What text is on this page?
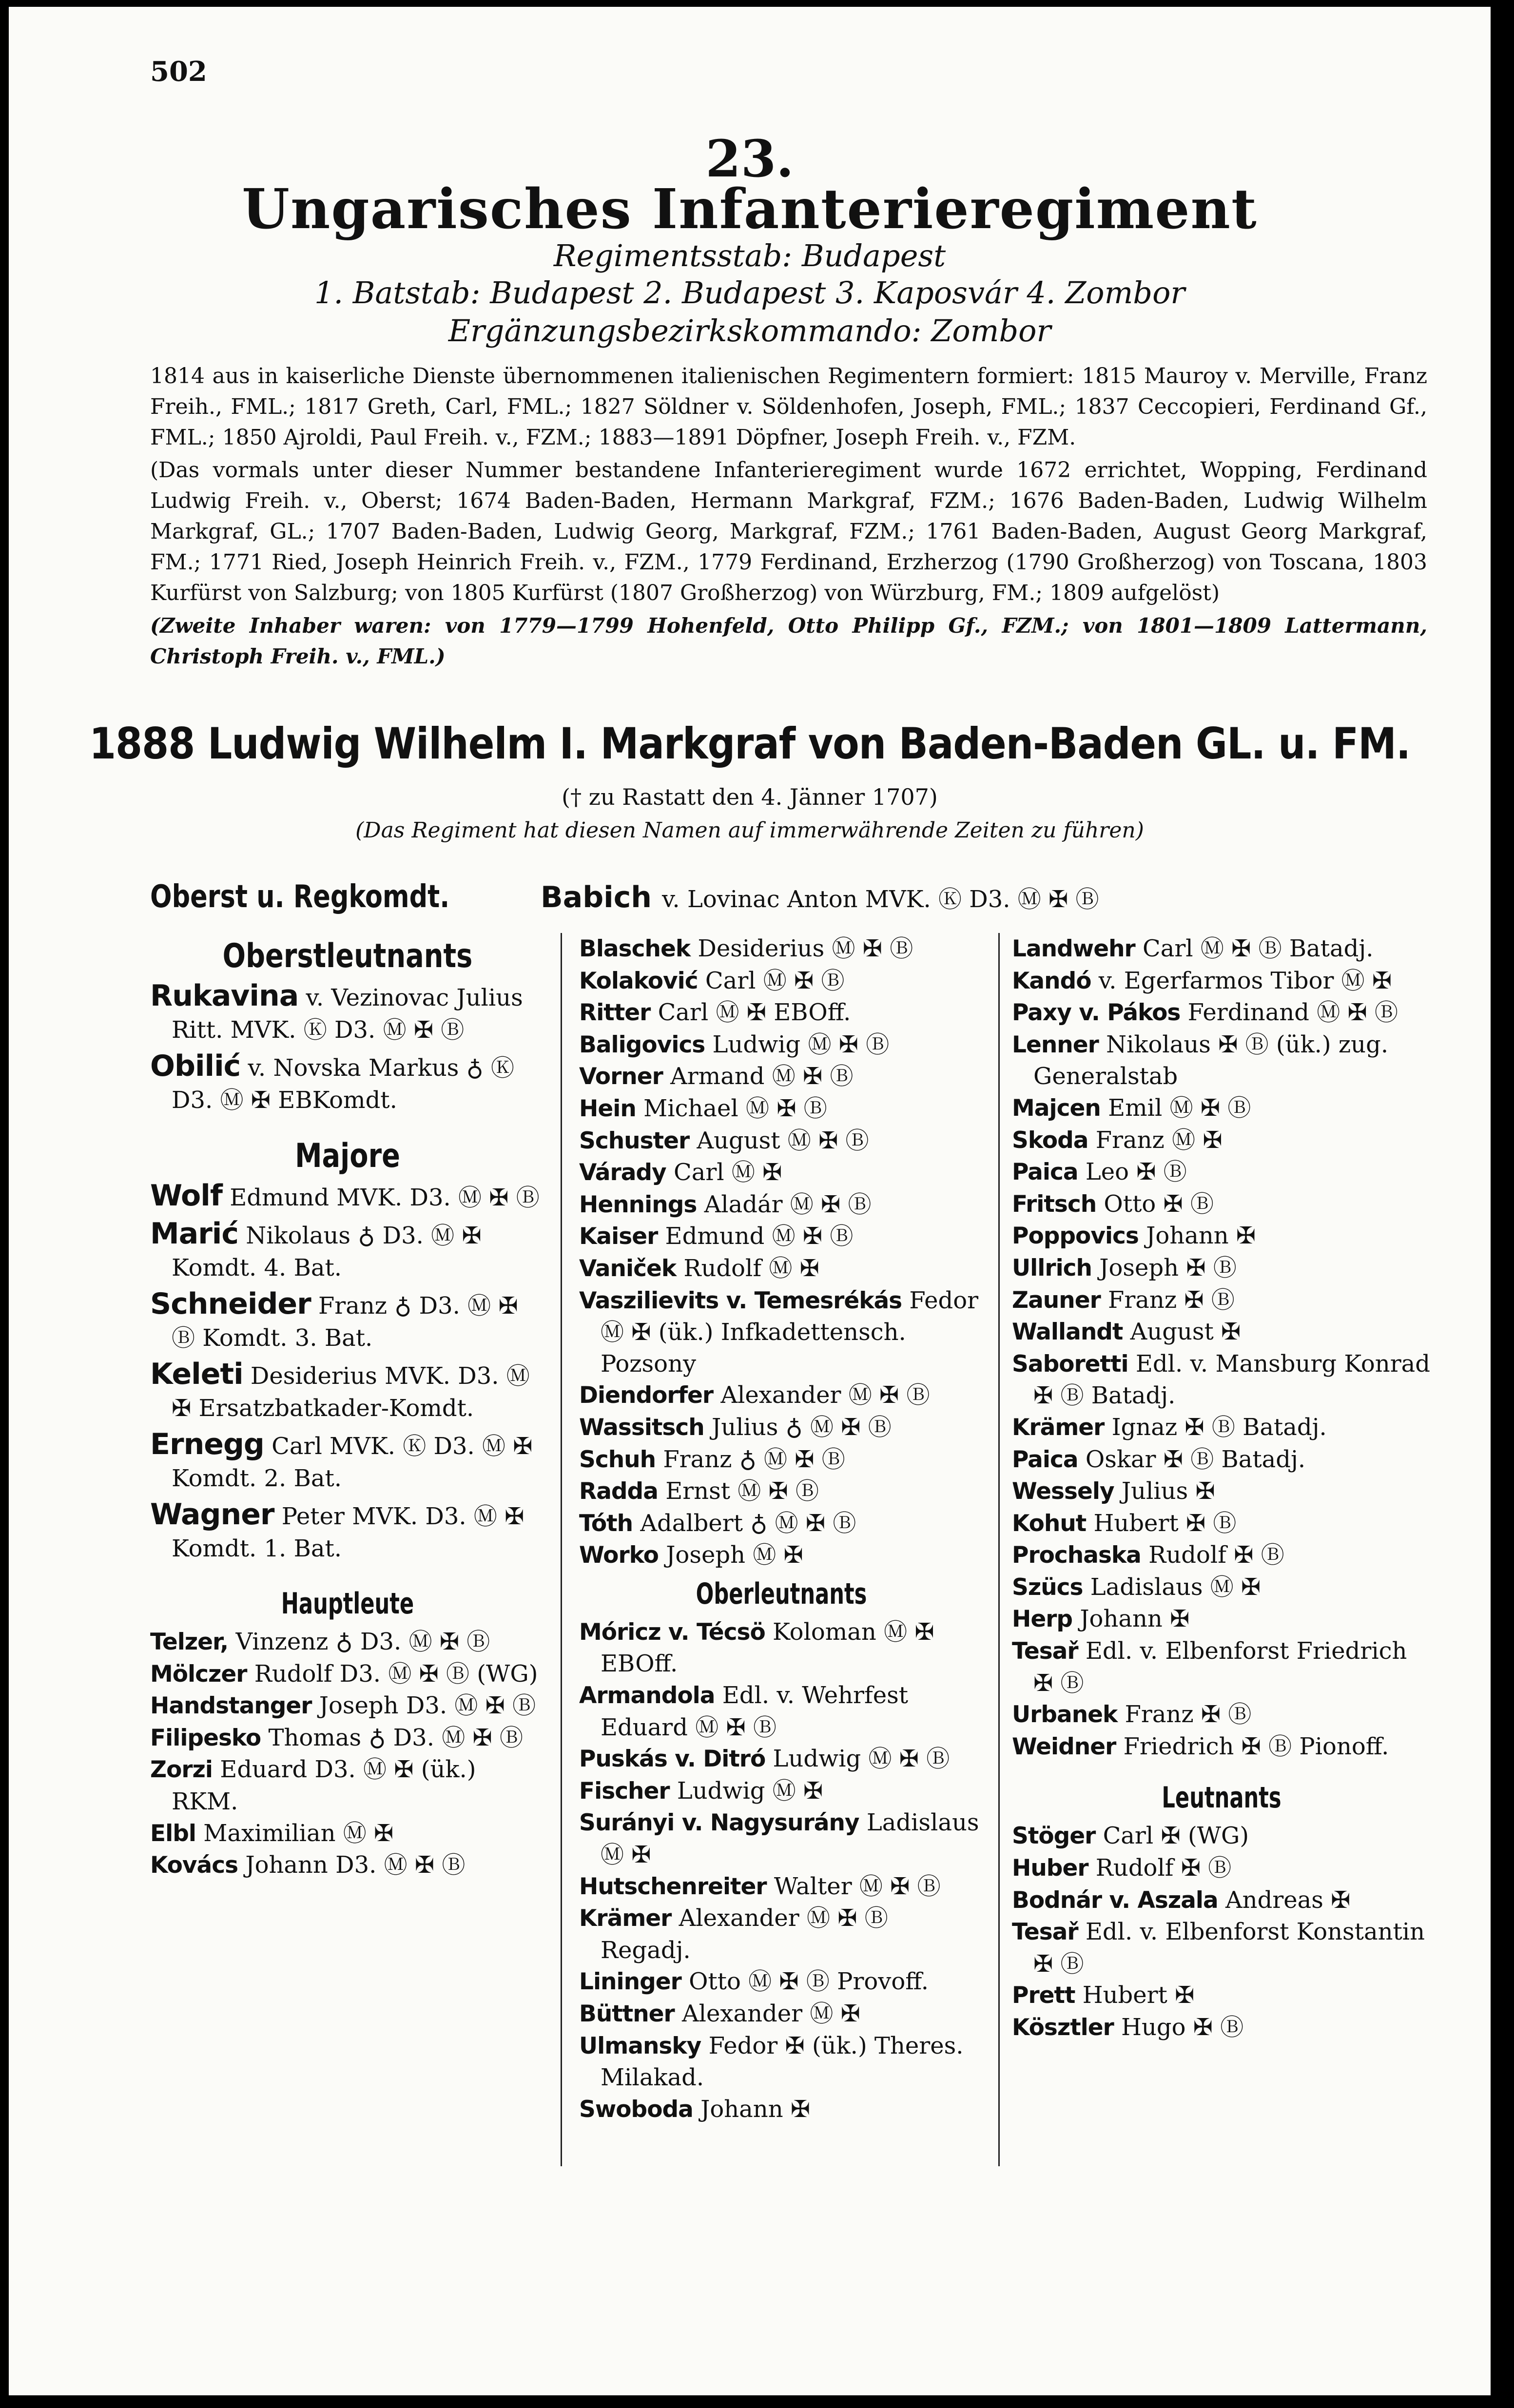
502
23.
Ungarisches Infanterieregiment
Regimentsstab: Budapest
1. Batstab: Budapest 2. Budapest 3. Kaposvár 4. Zombor
Ergänzungsbezirkskommando: Zombor

1814 aus in kaiserliche Dienste übernommenen italienischen Regimentern formiert: 1815 Mauroy v. Merville, Franz Freih., FML.; 1817 Greth, Carl, FML.; 1827 Söldner v. Söldenhofen, Joseph, FML.; 1837 Ceccopieri, Ferdinand Gf., FML.; 1850 Ajroldi, Paul Freih. v., FZM.; 1883—1891 Döpfner, Joseph Freih. v., FZM.

(Das vormals unter dieser Nummer bestandene Infanterieregiment wurde 1672 errichtet, Wopping, Ferdinand Ludwig Freih. v., Oberst; 1674 Baden-Baden, Hermann Markgraf, FZM.; 1676 Baden-Baden, Ludwig Wilhelm Markgraf, GL.; 1707 Baden-Baden, Ludwig Georg, Markgraf, FZM.; 1761 Baden-Baden, August Georg Markgraf, FM.; 1771 Ried, Joseph Heinrich Freih. v., FZM., 1779 Ferdinand, Erzherzog (1790 Großherzog) von Toscana, 1803 Kurfürst von Salzburg; von 1805 Kurfürst (1807 Großherzog) von Würzburg, FM.; 1809 aufgelöst)

(Zweite Inhaber waren: von 1779—1799 Hohenfeld, Otto Philipp Gf., FZM.; von 1801—1809 Lattermann, Christoph Freih. v., FML.)

1888 Ludwig Wilhelm I. Markgraf von Baden-Baden GL. u. FM.
(† zu Rastatt den 4. Jänner 1707)
(Das Regiment hat diesen Namen auf immerwährende Zeiten zu führen)
Oberst u. Regkomdt.	Babich v. Lovinac Anton MVK. Ⓚ D3. Ⓜ ✠ Ⓑ

Oberstleutnants

Rukavina v. Vezinovac Julius Ritt. MVK. Ⓚ D3. Ⓜ ✠ Ⓑ

Obilić v. Novska Markus ♁ Ⓚ D3. Ⓜ ✠ EBKomdt.

Majore

Wolf Edmund MVK. D3. Ⓜ ✠ Ⓑ

Marić Nikolaus ♁ D3. Ⓜ ✠ Komdt. 4. Bat.

Schneider Franz ♁ D3. Ⓜ ✠ Ⓑ Komdt. 3. Bat.

Keleti Desiderius MVK. D3. Ⓜ ✠ Ersatzbatkader-Komdt.

Ernegg Carl MVK. Ⓚ D3. Ⓜ ✠ Komdt. 2. Bat.

Wagner Peter MVK. D3. Ⓜ ✠ Komdt. 1. Bat.

Hauptleute

Telzer, Vinzenz ♁ D3. Ⓜ ✠ Ⓑ

Mölczer Rudolf D3. Ⓜ ✠ Ⓑ (WG)

Handstanger Joseph D3. Ⓜ ✠ Ⓑ

Filipesko Thomas ♁ D3. Ⓜ ✠ Ⓑ

Zorzi Eduard D3. Ⓜ ✠ (ük.) RKM.

Elbl Maximilian Ⓜ ✠

Kovács Johann D3. Ⓜ ✠ Ⓑ

Blaschek Desiderius Ⓜ ✠ Ⓑ

Kolaković Carl Ⓜ ✠ Ⓑ

Ritter Carl Ⓜ ✠ EBOff.

Baligovics Ludwig Ⓜ ✠ Ⓑ

Vorner Armand Ⓜ ✠ Ⓑ

Hein Michael Ⓜ ✠ Ⓑ

Schuster August Ⓜ ✠ Ⓑ

Várady Carl Ⓜ ✠

Hennings Aladár Ⓜ ✠ Ⓑ

Kaiser Edmund Ⓜ ✠ Ⓑ

Vaniček Rudolf Ⓜ ✠

Vaszilievits v. Temesrékás Fedor Ⓜ ✠ (ük.) Infkadettensch. Pozsony

Diendorfer Alexander Ⓜ ✠ Ⓑ

Wassitsch Julius ♁ Ⓜ ✠ Ⓑ

Schuh Franz ♁ Ⓜ ✠ Ⓑ

Radda Ernst Ⓜ ✠ Ⓑ

Tóth Adalbert ♁ Ⓜ ✠ Ⓑ

Worko Joseph Ⓜ ✠

Oberleutnants

Móricz v. Técsö Koloman Ⓜ ✠ EBOff.

Armandola Edl. v. Wehrfest Eduard Ⓜ ✠ Ⓑ

Puskás v. Ditró Ludwig Ⓜ ✠ Ⓑ

Fischer Ludwig Ⓜ ✠

Surányi v. Nagysurány Ladislaus Ⓜ ✠

Hutschenreiter Walter Ⓜ ✠ Ⓑ

Krämer Alexander Ⓜ ✠ Ⓑ Regadj.

Lininger Otto Ⓜ ✠ Ⓑ Provoff.

Büttner Alexander Ⓜ ✠

Ulmansky Fedor ✠ (ük.) Theres. Milakad.

Swoboda Johann ✠

Landwehr Carl Ⓜ ✠ Ⓑ Batadj.

Kandó v. Egerfarmos Tibor Ⓜ ✠

Paxy v. Pákos Ferdinand Ⓜ ✠ Ⓑ

Lenner Nikolaus ✠ Ⓑ (ük.) zug. Generalstab

Majcen Emil Ⓜ ✠ Ⓑ

Skoda Franz Ⓜ ✠

Paica Leo ✠ Ⓑ

Fritsch Otto ✠ Ⓑ

Poppovics Johann ✠

Ullrich Joseph ✠ Ⓑ

Zauner Franz ✠ Ⓑ

Wallandt August ✠

Saboretti Edl. v. Mansburg Konrad ✠ Ⓑ Batadj.

Krämer Ignaz ✠ Ⓑ Batadj.

Paica Oskar ✠ Ⓑ Batadj.

Wessely Julius ✠

Kohut Hubert ✠ Ⓑ

Prochaska Rudolf ✠ Ⓑ

Szücs Ladislaus Ⓜ ✠

Herp Johann ✠

Tesař Edl. v. Elbenforst Friedrich ✠ Ⓑ

Urbanek Franz ✠ Ⓑ

Weidner Friedrich ✠ Ⓑ Pionoff.

Leutnants

Stöger Carl ✠ (WG)

Huber Rudolf ✠ Ⓑ

Bodnár v. Aszala Andreas ✠

Tesař Edl. v. Elbenforst Konstantin ✠ Ⓑ

Prett Hubert ✠

Kösztler Hugo ✠ Ⓑ
